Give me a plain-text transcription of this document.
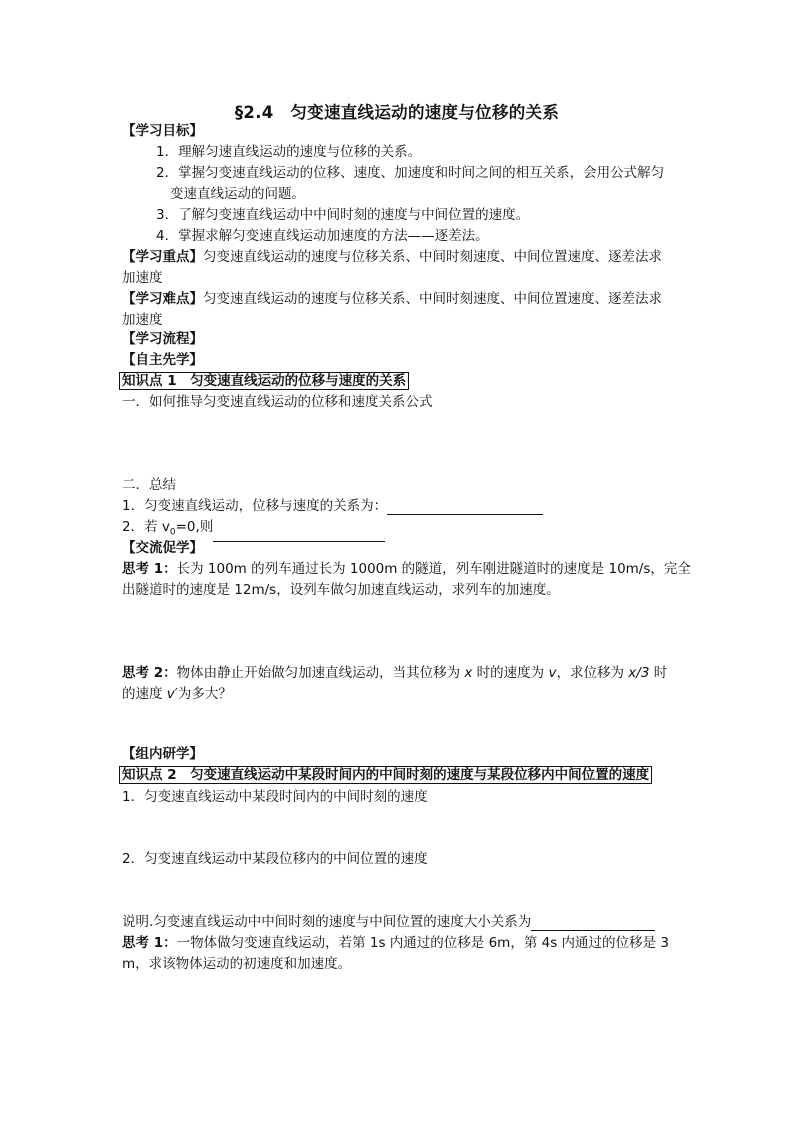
§2.4　匀变速直线运动的速度与位移的关系
【学习目标】
1．理解匀速直线运动的速度与位移的关系。
2．掌握匀变速直线运动的位移、速度、加速度和时间之间的相互关系，会用公式解匀
变速直线运动的问题。
3．了解匀变速直线运动中中间时刻的速度与中间位置的速度。
4．掌握求解匀变速直线运动加速度的方法——逐差法。
【学习重点】匀变速直线运动的速度与位移关系、中间时刻速度、中间位置速度、逐差法求
加速度
【学习难点】匀变速直线运动的速度与位移关系、中间时刻速度、中间位置速度、逐差法求
加速度
【学习流程】
【自主先学】
知识点 1　匀变速直线运动的位移与速度的关系
一．如何推导匀变速直线运动的位移和速度关系公式
二．总结
1．匀变速直线运动，位移与速度的关系为：
2．若 $v_0=0$,则
【交流促学】
思考 1：长为 100m 的列车通过长为 1000m 的隧道，列车刚进隧道时的速度是 10m/s，完全
出隧道时的速度是 12m/s，设列车做匀加速直线运动，求列车的加速度。
思考 2：物体由静止开始做匀加速直线运动，当其位移为 x 时的速度为 v，求位移为 x/3 时
的速度 v′为多大？
【组内研学】
知识点 2　匀变速直线运动中某段时间内的中间时刻的速度与某段位移内中间位置的速度
1．匀变速直线运动中某段时间内的中间时刻的速度
2．匀变速直线运动中某段位移内的中间位置的速度
说明.匀变速直线运动中中间时刻的速度与中间位置的速度大小关系为
思考 1：一物体做匀变速直线运动，若第 1s 内通过的位移是 6m，第 4s 内通过的位移是 3
m，求该物体运动的初速度和加速度。
